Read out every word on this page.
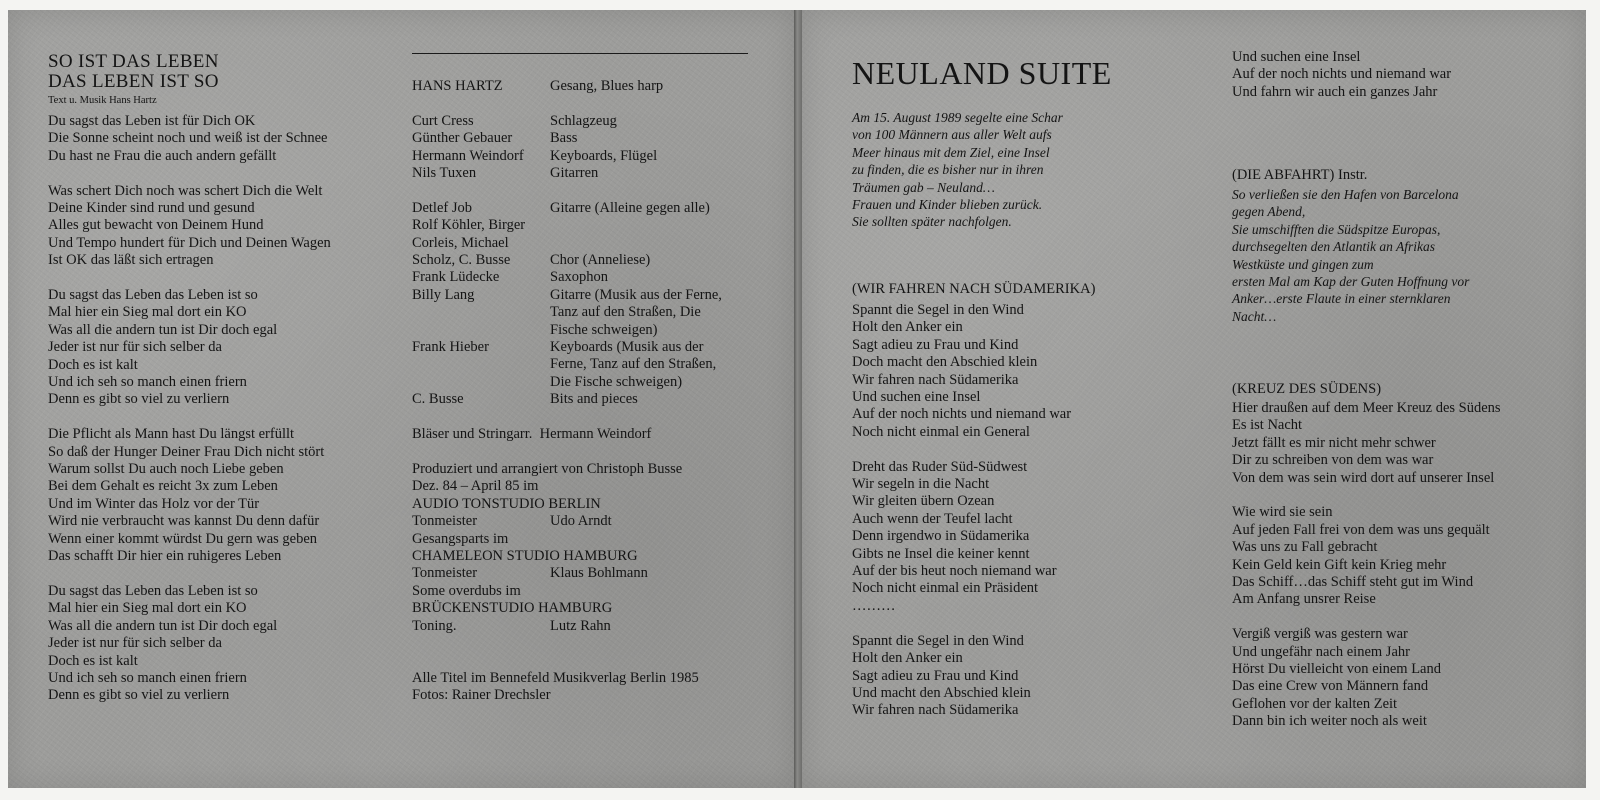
SO IST DAS LEBEN
DAS LEBEN IST SO
Text u. Musik Hans Hartz

Du sagst das Leben ist für Dich OK

Die Sonne scheint noch und weiß ist der Schnee

Du hast ne Frau die auch andern gefällt

Was schert Dich noch was schert Dich die Welt

Deine Kinder sind rund und gesund

Alles gut bewacht von Deinem Hund

Und Tempo hundert für Dich und Deinen Wagen

Ist OK das läßt sich ertragen

Du sagst das Leben das Leben ist so

Mal hier ein Sieg mal dort ein KO

Was all die andern tun ist Dir doch egal

Jeder ist nur für sich selber da

Doch es ist kalt

Und ich seh so manch einen friern

Denn es gibt so viel zu verliern

Die Pflicht als Mann hast Du längst erfüllt

So daß der Hunger Deiner Frau Dich nicht stört

Warum sollst Du auch noch Liebe geben

Bei dem Gehalt es reicht 3x zum Leben

Und im Winter das Holz vor der Tür

Wird nie verbraucht was kannst Du denn dafür

Wenn einer kommt würdst Du gern was geben

Das schafft Dir hier ein ruhigeres Leben

Du sagst das Leben das Leben ist so

Mal hier ein Sieg mal dort ein KO

Was all die andern tun ist Dir doch egal

Jeder ist nur für sich selber da

Doch es ist kalt

Und ich seh so manch einen friern

Denn es gibt so viel zu verliern

HANS HARTZ	Gesang, Blues harp
Curt Cress	Schlagzeug
Günther Gebauer	Bass
Hermann Weindorf	Keyboards, Flügel
Nils Tuxen	Gitarren
Detlef Job	Gitarre (Alleine gegen alle)
Rolf Köhler, Birger
Corleis, Michael
Scholz, C. Busse	Chor (Anneliese)
Frank Lüdecke	Saxophon
Billy Lang	Gitarre (Musik aus der Ferne,
Tanz auf den Straßen, Die
Fische schweigen)
Frank Hieber	Keyboards (Musik aus der
Ferne, Tanz auf den Straßen,
Die Fische schweigen)
C. Busse	Bits and pieces
Bläser und Stringarr.  Hermann Weindorf
Produziert und arrangiert von Christoph Busse
Dez. 84 – April 85 im
AUDIO TONSTUDIO BERLIN
Tonmeister	Udo Arndt
Gesangsparts im
CHAMELEON STUDIO HAMBURG
Tonmeister	Klaus Bohlmann
Some overdubs im
BRÜCKENSTUDIO HAMBURG
Toning.	Lutz Rahn
Alle Titel im Bennefeld Musikverlag Berlin 1985
Fotos: Rainer Drechsler
NEULAND SUITE

Am 15. August 1989 segelte eine Schar

von 100 Männern aus aller Welt aufs

Meer hinaus mit dem Ziel, eine Insel

zu finden, die es bisher nur in ihren

Träumen gab – Neuland…

Frauen und Kinder blieben zurück.

Sie sollten später nachfolgen.

(WIR FAHREN NACH SÜDAMERIKA)

Spannt die Segel in den Wind

Holt den Anker ein

Sagt adieu zu Frau und Kind

Doch macht den Abschied klein

Wir fahren nach Südamerika

Und suchen eine Insel

Auf der noch nichts und niemand war

Noch nicht einmal ein General

Dreht das Ruder Süd-Südwest

Wir segeln in die Nacht

Wir gleiten übern Ozean

Auch wenn der Teufel lacht

Denn irgendwo in Südamerika

Gibts ne Insel die keiner kennt

Auf der bis heut noch niemand war

Noch nicht einmal ein Präsident

………

Spannt die Segel in den Wind

Holt den Anker ein

Sagt adieu zu Frau und Kind

Und macht den Abschied klein

Wir fahren nach Südamerika

Und suchen eine Insel

Auf der noch nichts und niemand war

Und fahrn wir auch ein ganzes Jahr

(DIE ABFAHRT) Instr.

So verließen sie den Hafen von Barcelona

gegen Abend,

Sie umschifften die Südspitze Europas,

durchsegelten den Atlantik an Afrikas

Westküste und gingen zum

ersten Mal am Kap der Guten Hoffnung vor

Anker…erste Flaute in einer sternklaren

Nacht…

(KREUZ DES SÜDENS)

Hier draußen auf dem Meer Kreuz des Südens

Es ist Nacht

Jetzt fällt es mir nicht mehr schwer

Dir zu schreiben von dem was war

Von dem was sein wird dort auf unserer Insel

Wie wird sie sein

Auf jeden Fall frei von dem was uns gequält

Was uns zu Fall gebracht

Kein Geld kein Gift kein Krieg mehr

Das Schiff…das Schiff steht gut im Wind

Am Anfang unsrer Reise

Vergiß vergiß was gestern war

Und ungefähr nach einem Jahr

Hörst Du vielleicht von einem Land

Das eine Crew von Männern fand

Geflohen vor der kalten Zeit

Dann bin ich weiter noch als weit
